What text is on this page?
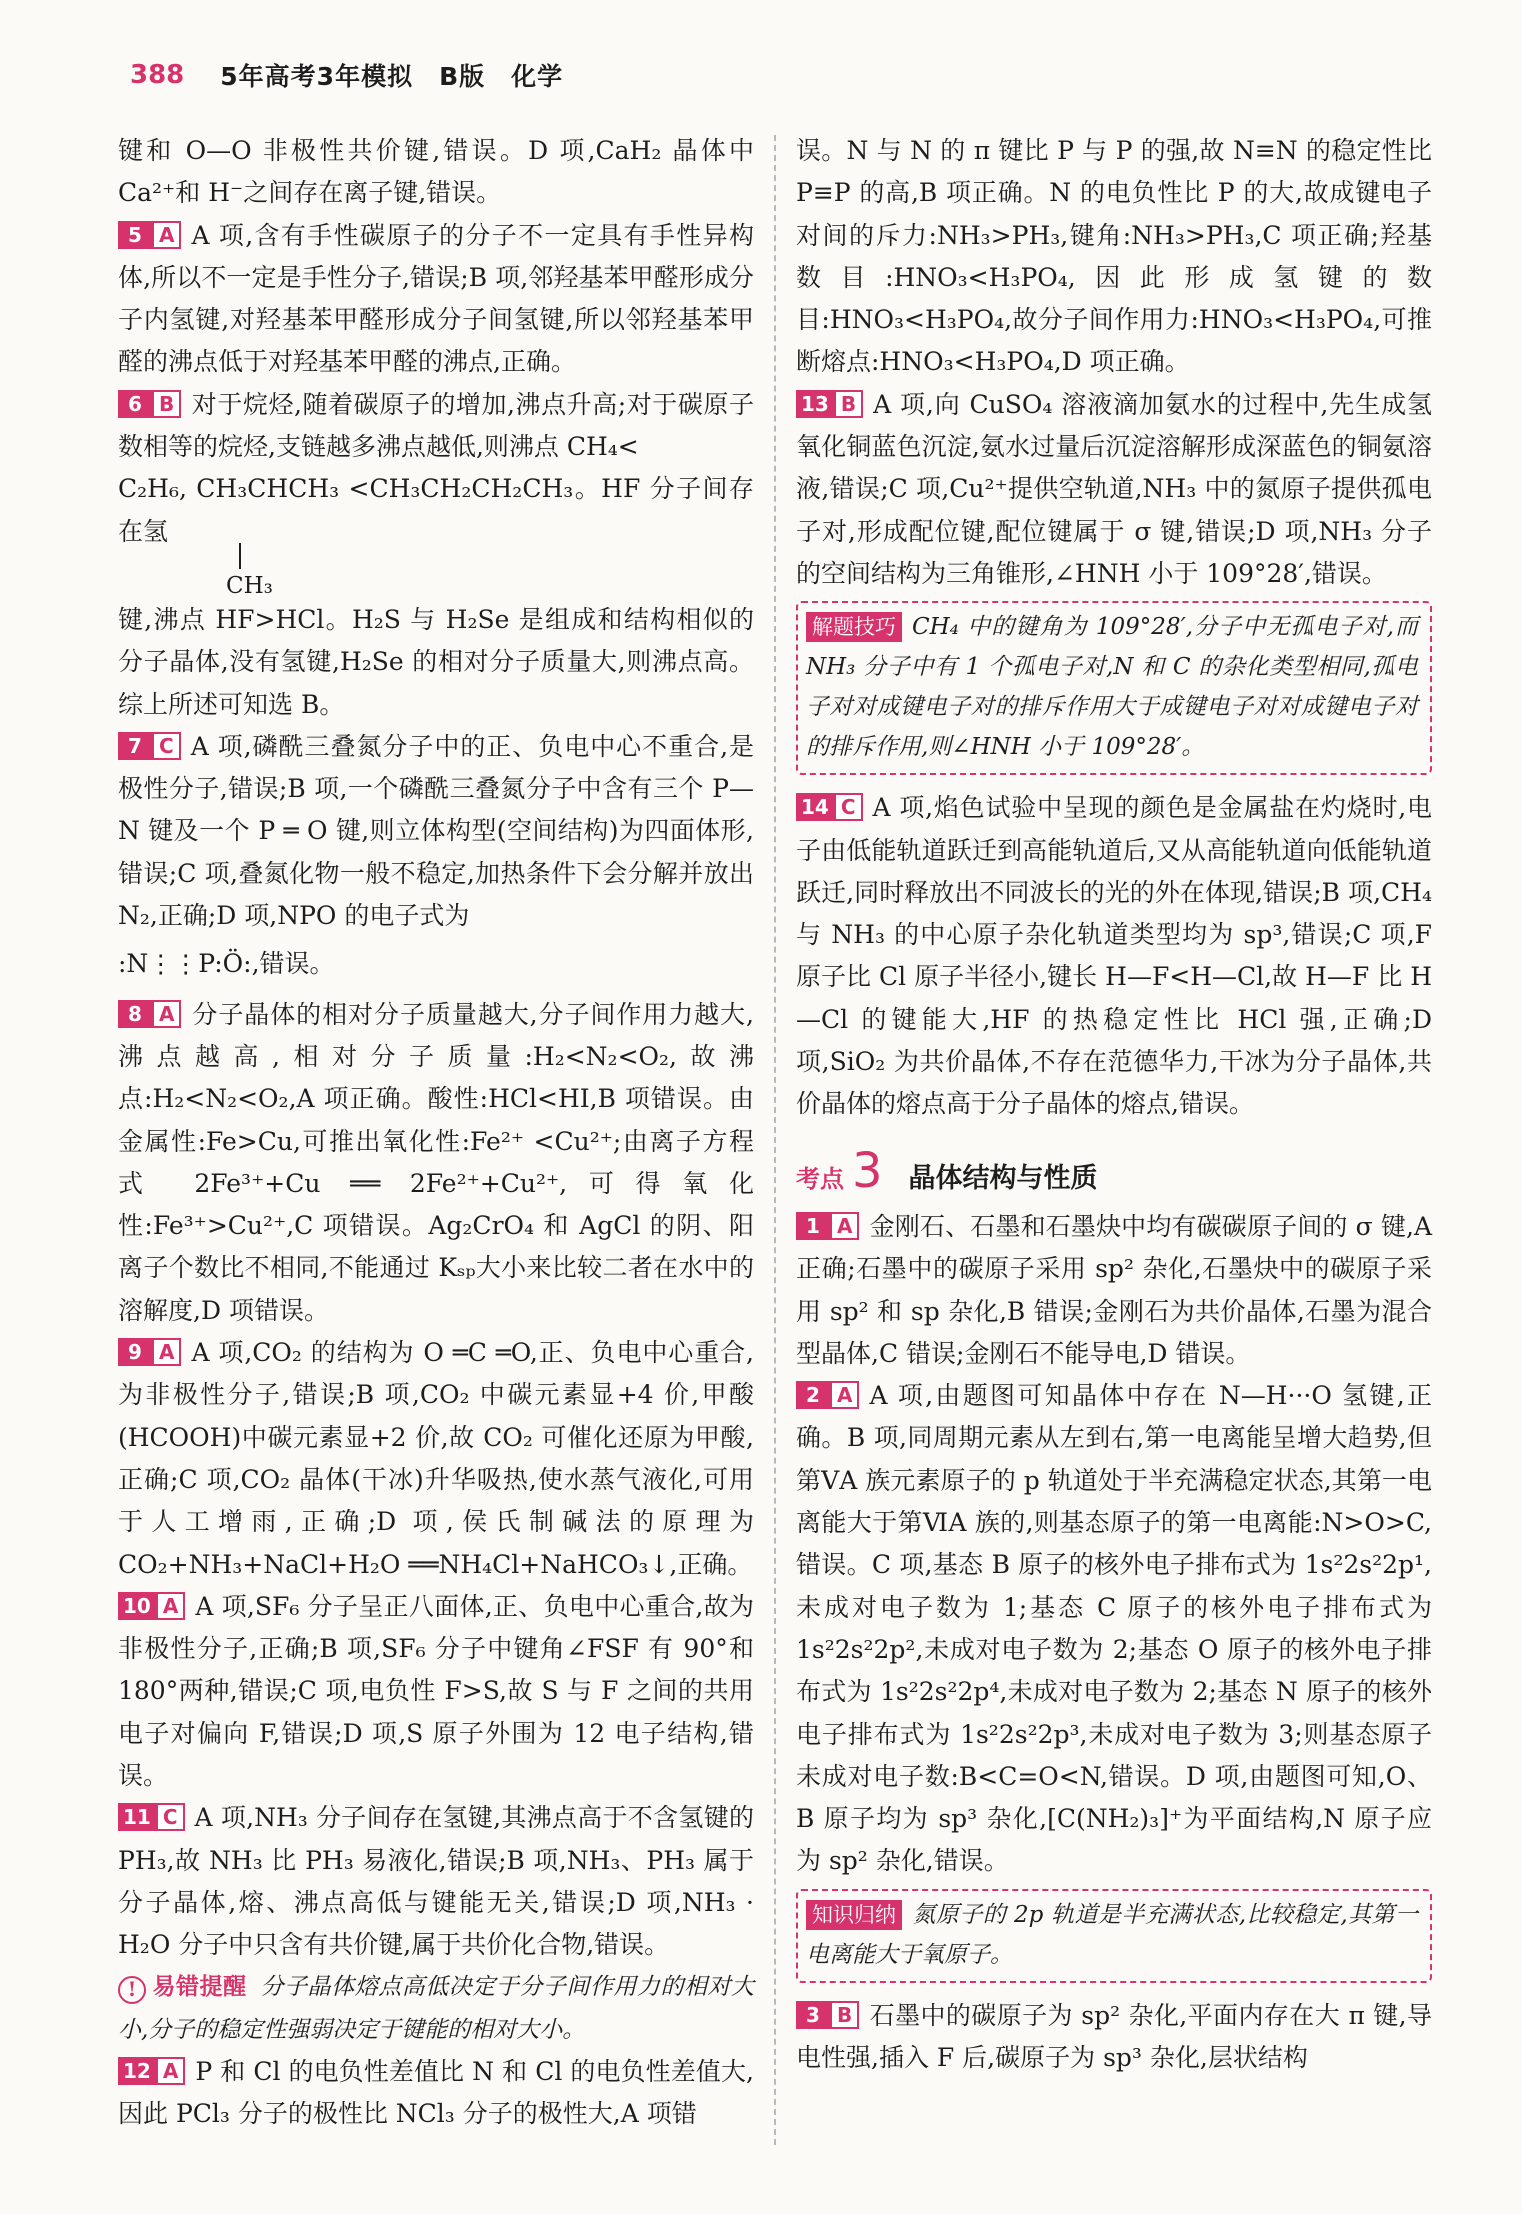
388 5年高考3年模拟　B版　化学

键和 O—O 非极性共价键,错误。D 项,CaH₂ 晶体中 Ca²⁺和 H⁻之间存在离子键,错误。

5 A A 项,含有手性碳原子的分子不一定具有手性异构体,所以不一定是手性分子,错误;B 项,邻羟基苯甲醛形成分子内氢键,对羟基苯甲醛形成分子间氢键,所以邻羟基苯甲醛的沸点低于对羟基苯甲醛的沸点,正确。

6 B 对于烷烃,随着碳原子的增加,沸点升高;对于碳原子数相等的烷烃,支链越多沸点越低,则沸点 CH₄<

C₂H₆, CH₃CHCH₃ <CH₃CH₂CH₂CH₃。HF 分子间存在氢

CH₃

键,沸点 HF>HCl。H₂S 与 H₂Se 是组成和结构相似的分子晶体,没有氢键,H₂Se 的相对分子质量大,则沸点高。综上所述可知选 B。

7 C A 项,磷酰三叠氮分子中的正、负电中心不重合,是极性分子,错误;B 项,一个磷酰三叠氮分子中含有三个 P—N 键及一个 P ═ O 键,则立体构型(空间结构)为四面体形,错误;C 项,叠氮化物一般不稳定,加热条件下会分解并放出 N₂,正确;D 项,NPO 的电子式为

:N⋮⋮P:Ö:,错误。

8 A 分子晶体的相对分子质量越大,分子间作用力越大,沸点越高,相对分子质量:H₂<N₂<O₂,故沸点:H₂<N₂<O₂,A 项正确。酸性:HCl<HI,B 项错误。由金属性:Fe>Cu,可推出氧化性:Fe²⁺ <Cu²⁺;由离子方程式 2Fe³⁺+Cu ══ 2Fe²⁺+Cu²⁺,可得氧化性:Fe³⁺>Cu²⁺,C 项错误。Ag₂CrO₄ 和 AgCl 的阴、阳离子个数比不相同,不能通过 Kₛₚ大小来比较二者在水中的溶解度,D 项错误。

9 A A 项,CO₂ 的结构为 O ═C ═O,正、负电中心重合,为非极性分子,错误;B 项,CO₂ 中碳元素显+4 价,甲酸(HCOOH)中碳元素显+2 价,故 CO₂ 可催化还原为甲酸,正确;C 项,CO₂ 晶体(干冰)升华吸热,使水蒸气液化,可用于人工增雨,正确;D 项,侯氏制碱法的原理为 CO₂+NH₃+NaCl+H₂O ══NH₄Cl+NaHCO₃↓,正确。

10 A A 项,SF₆ 分子呈正八面体,正、负电中心重合,故为非极性分子,正确;B 项,SF₆ 分子中键角∠FSF 有 90°和 180°两种,错误;C 项,电负性 F>S,故 S 与 F 之间的共用电子对偏向 F,错误;D 项,S 原子外围为 12 电子结构,错误。

11 C A 项,NH₃ 分子间存在氢键,其沸点高于不含氢键的 PH₃,故 NH₃ 比 PH₃ 易液化,错误;B 项,NH₃、PH₃ 属于分子晶体,熔、沸点高低与键能无关,错误;D 项,NH₃ · H₂O 分子中只含有共价键,属于共价化合物,错误。

! 易错提醒 分子晶体熔点高低决定于分子间作用力的相对大小,分子的稳定性强弱决定于键能的相对大小。

12 A P 和 Cl 的电负性差值比 N 和 Cl 的电负性差值大,因此 PCl₃ 分子的极性比 NCl₃ 分子的极性大,A 项错

误。N 与 N 的 π 键比 P 与 P 的强,故 N≡N 的稳定性比 P≡P 的高,B 项正确。N 的电负性比 P 的大,故成键电子对间的斥力:NH₃>PH₃,键角:NH₃>PH₃,C 项正确;羟基数目:HNO₃<H₃PO₄,因此形成氢键的数目:HNO₃<H₃PO₄,故分子间作用力:HNO₃<H₃PO₄,可推断熔点:HNO₃<H₃PO₄,D 项正确。

13 B A 项,向 CuSO₄ 溶液滴加氨水的过程中,先生成氢氧化铜蓝色沉淀,氨水过量后沉淀溶解形成深蓝色的铜氨溶液,错误;C 项,Cu²⁺提供空轨道,NH₃ 中的氮原子提供孤电子对,形成配位键,配位键属于 σ 键,错误;D 项,NH₃ 分子的空间结构为三角锥形,∠HNH 小于 109°28′,错误。

解题技巧 CH₄ 中的键角为 109°28′,分子中无孤电子对,而 NH₃ 分子中有 1 个孤电子对,N 和 C 的杂化类型相同,孤电子对对成键电子对的排斥作用大于成键电子对对成键电子对的排斥作用,则∠HNH 小于 109°28′。

14 C A 项,焰色试验中呈现的颜色是金属盐在灼烧时,电子由低能轨道跃迁到高能轨道后,又从高能轨道向低能轨道跃迁,同时释放出不同波长的光的外在体现,错误;B 项,CH₄ 与 NH₃ 的中心原子杂化轨道类型均为 sp³,错误;C 项,F 原子比 Cl 原子半径小,键长 H—F<H—Cl,故 H—F 比 H—Cl 的键能大,HF 的热稳定性比 HCl 强,正确;D 项,SiO₂ 为共价晶体,不存在范德华力,干冰为分子晶体,共价晶体的熔点高于分子晶体的熔点,错误。

考点 3 晶体结构与性质

1 A 金刚石、石墨和石墨炔中均有碳碳原子间的 σ 键,A 正确;石墨中的碳原子采用 sp² 杂化,石墨炔中的碳原子采用 sp² 和 sp 杂化,B 错误;金刚石为共价晶体,石墨为混合型晶体,C 错误;金刚石不能导电,D 错误。

2 A A 项,由题图可知晶体中存在 N—H···O 氢键,正确。B 项,同周期元素从左到右,第一电离能呈增大趋势,但第ⅤA 族元素原子的 p 轨道处于半充满稳定状态,其第一电离能大于第ⅥA 族的,则基态原子的第一电离能:N>O>C,错误。C 项,基态 B 原子的核外电子排布式为 1s²2s²2p¹,未成对电子数为 1;基态 C 原子的核外电子排布式为 1s²2s²2p²,未成对电子数为 2;基态 O 原子的核外电子排布式为 1s²2s²2p⁴,未成对电子数为 2;基态 N 原子的核外电子排布式为 1s²2s²2p³,未成对电子数为 3;则基态原子未成对电子数:B<C=O<N,错误。D 项,由题图可知,O、B 原子均为 sp³ 杂化,[C(NH₂)₃]⁺为平面结构,N 原子应为 sp² 杂化,错误。

知识归纳 氮原子的 2p 轨道是半充满状态,比较稳定,其第一电离能大于氧原子。

3 B 石墨中的碳原子为 sp² 杂化,平面内存在大 π 键,导电性强,插入 F 后,碳原子为 sp³ 杂化,层状结构
